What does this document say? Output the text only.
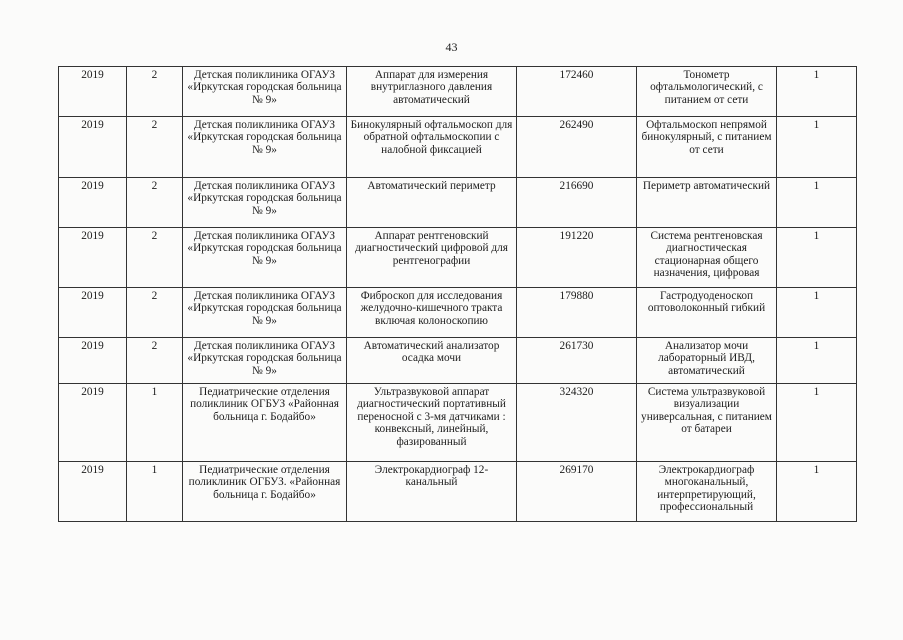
43
2019	2	Детская поликлиника ОГАУЗ «Иркутская городская больница № 9»	Аппарат для измерения внутриглазного давления автоматический	172460	Тонометр офтальмологический, с питанием от сети	1
2019	2	Детская поликлиника ОГАУЗ «Иркутская городская больница № 9»	Бинокулярный офтальмоскоп для обратной офтальмоскопии с налобной фиксацией	262490	Офтальмоскоп непрямой бинокулярный, с питанием от сети	1
2019	2	Детская поликлиника ОГАУЗ «Иркутская городская больница № 9»	Автоматический периметр	216690	Периметр автоматический	1
2019	2	Детская поликлиника ОГАУЗ «Иркутская городская больница № 9»	Аппарат рентгеновский диагностический цифровой для рентгенографии	191220	Система рентгеновская диагностическая стационарная общего назначения, цифровая	1
2019	2	Детская поликлиника ОГАУЗ «Иркутская городская больница № 9»	Фиброскоп для исследования желудочно-кишечного тракта включая колоноскопию	179880	Гастродуоденоскоп оптоволоконный гибкий	1
2019	2	Детская поликлиника ОГАУЗ «Иркутская городская больница № 9»	Автоматический анализатор осадка мочи	261730	Анализатор мочи лабораторный ИВД, автоматический	1
2019	1	Педиатрические отделения поликлиник ОГБУЗ «Районная больница г. Бодайбо»	Ультразвуковой аппарат диагностический портативный переносной с 3-мя датчиками : конвексный, линейный, фазированный	324320	Система ультразвуковой визуализации универсальная, с питанием от батареи	1
2019	1	Педиатрические отделения поликлиник ОГБУЗ. «Районная больница г. Бодайбо»	Электрокардиограф 12-канальный	269170	Электрокардиограф многоканальный, интерпретирующий, профессиональный	1
